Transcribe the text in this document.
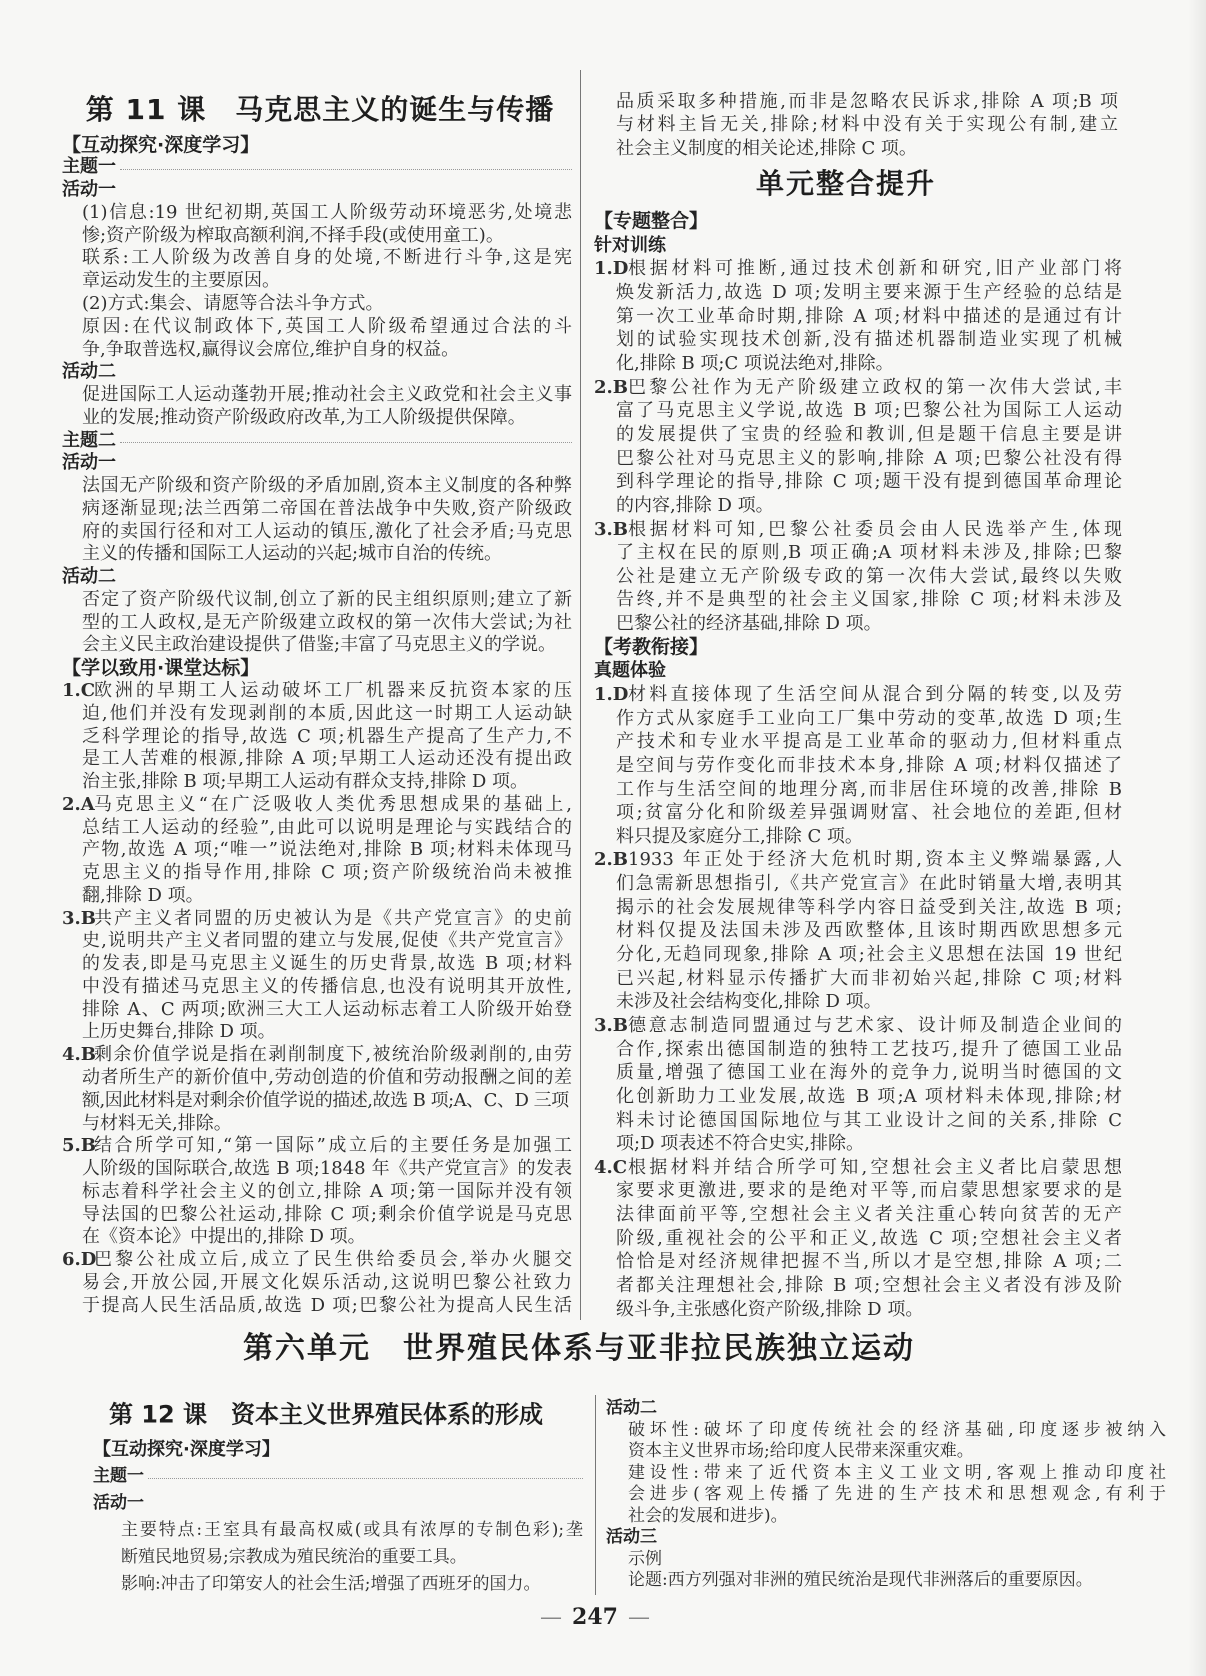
第 11 课　马克思主义的诞生与传播
【互动探究·深度学习】
主题一
活动一
(1)信息:19 世纪初期,英国工人阶级劳动环境恶劣,处境悲
惨;资产阶级为榨取高额利润,不择手段(或使用童工)。
联系:工人阶级为改善自身的处境,不断进行斗争,这是宪
章运动发生的主要原因。
(2)方式:集会、请愿等合法斗争方式。
原因:在代议制政体下,英国工人阶级希望通过合法的斗
争,争取普选权,赢得议会席位,维护自身的权益。
活动二
促进国际工人运动蓬勃开展;推动社会主义政党和社会主义事
业的发展;推动资产阶级政府改革,为工人阶级提供保障。
主题二
活动一
法国无产阶级和资产阶级的矛盾加剧,资本主义制度的各种弊
病逐渐显现;法兰西第二帝国在普法战争中失败,资产阶级政
府的卖国行径和对工人运动的镇压,激化了社会矛盾;马克思
主义的传播和国际工人运动的兴起;城市自治的传统。
活动二
否定了资产阶级代议制,创立了新的民主组织原则;建立了新
型的工人政权,是无产阶级建立政权的第一次伟大尝试;为社
会主义民主政治建设提供了借鉴;丰富了马克思主义的学说。
【学以致用·课堂达标】
1.C
欧洲的早期工人运动破坏工厂机器来反抗资本家的压
迫,他们并没有发现剥削的本质,因此这一时期工人运动缺
乏科学理论的指导,故选 C 项;机器生产提高了生产力,不
是工人苦难的根源,排除 A 项;早期工人运动还没有提出政
治主张,排除 B 项;早期工人运动有群众支持,排除 D 项。
2.A 马克思主义“在广泛吸收人类优秀思想成果的基础上,
总结工人运动的经验”,由此可以说明是理论与实践结合的
产物,故选 A 项;“唯一”说法绝对,排除 B 项;材料未体现马
克思主义的指导作用,排除 C 项;资产阶级统治尚未被推
翻,排除 D 项。
3.B
共产主义者同盟的历史被认为是《共产党宣言》的史前
史,说明共产主义者同盟的建立与发展,促使《共产党宣言》
的发表,即是马克思主义诞生的历史背景,故选 B 项;材料
中没有描述马克思主义的传播信息,也没有说明其开放性,
排除 A、C 两项;欧洲三大工人运动标志着工人阶级开始登
上历史舞台,排除 D 项。
4.B
剩余价值学说是指在剥削制度下,被统治阶级剥削的,由劳
动者所生产的新价值中,劳动创造的价值和劳动报酬之间的差
额,因此材料是对剩余价值学说的描述,故选 B 项;A、C、D 三项
与材料无关,排除。
5.B
结合所学可知,“第一国际”成立后的主要任务是加强工
人阶级的国际联合,故选 B 项;1848 年《共产党宣言》的发表
标志着科学社会主义的创立,排除 A 项;第一国际并没有领
导法国的巴黎公社运动,排除 C 项;剩余价值学说是马克思
在《资本论》中提出的,排除 D 项。
6.D
巴黎公社成立后,成立了民生供给委员会,举办火腿交
易会,开放公园,开展文化娱乐活动,这说明巴黎公社致力
于提高人民生活品质,故选 D 项;巴黎公社为提高人民生活
品质采取多种措施,而非是忽略农民诉求,排除 A 项;B 项
与材料主旨无关,排除;材料中没有关于实现公有制,建立
社会主义制度的相关论述,排除 C 项。
单元整合提升
【专题整合】
针对训练
1.D 根据材料可推断,通过技术创新和研究,旧产业部门将
焕发新活力,故选 D 项;发明主要来源于生产经验的总结是
第一次工业革命时期,排除 A 项;材料中描述的是通过有计
划的试验实现技术创新,没有描述机器制造业实现了机械
化,排除 B 项;C 项说法绝对,排除。
2.B 巴黎公社作为无产阶级建立政权的第一次伟大尝试,丰
富了马克思主义学说,故选 B 项;巴黎公社为国际工人运动
的发展提供了宝贵的经验和教训,但是题干信息主要是讲
巴黎公社对马克思主义的影响,排除 A 项;巴黎公社没有得
到科学理论的指导,排除 C 项;题干没有提到德国革命理论
的内容,排除 D 项。
3.B 根据材料可知,巴黎公社委员会由人民选举产生,体现
了主权在民的原则,B 项正确;A 项材料未涉及,排除;巴黎
公社是建立无产阶级专政的第一次伟大尝试,最终以失败
告终,并不是典型的社会主义国家,排除 C 项;材料未涉及
巴黎公社的经济基础,排除 D 项。
【考教衔接】
真题体验
1.D 材料直接体现了生活空间从混合到分隔的转变,以及劳
作方式从家庭手工业向工厂集中劳动的变革,故选 D 项;生
产技术和专业水平提高是工业革命的驱动力,但材料重点
是空间与劳作变化而非技术本身,排除 A 项;材料仅描述了
工作与生活空间的地理分离,而非居住环境的改善,排除 B
项;贫富分化和阶级差异强调财富、社会地位的差距,但材
料只提及家庭分工,排除 C 项。
2.B 1933 年正处于经济大危机时期,资本主义弊端暴露,人
们急需新思想指引,《共产党宣言》在此时销量大增,表明其
揭示的社会发展规律等科学内容日益受到关注,故选 B 项;
材料仅提及法国未涉及西欧整体,且该时期西欧思想多元
分化,无趋同现象,排除 A 项;社会主义思想在法国 19 世纪
已兴起,材料显示传播扩大而非初始兴起,排除 C 项;材料
未涉及社会结构变化,排除 D 项。
3.B 德意志制造同盟通过与艺术家、设计师及制造企业间的
合作,探索出德国制造的独特工艺技巧,提升了德国工业品
质量,增强了德国工业在海外的竞争力,说明当时德国的文
化创新助力工业发展,故选 B 项;A 项材料未体现,排除;材
料未讨论德国国际地位与其工业设计之间的关系,排除 C
项;D 项表述不符合史实,排除。
4.C 根据材料并结合所学可知,空想社会主义者比启蒙思想
家要求更激进,要求的是绝对平等,而启蒙思想家要求的是
法律面前平等,空想社会主义者关注重心转向贫苦的无产
阶级,重视社会的公平和正义,故选 C 项;空想社会主义者
恰恰是对经济规律把握不当,所以才是空想,排除 A 项;二
者都关注理想社会,排除 B 项;空想社会主义者没有涉及阶
级斗争,主张感化资产阶级,排除 D 项。
第六单元　世界殖民体系与亚非拉民族独立运动
第 12 课　资本主义世界殖民体系的形成
【互动探究·深度学习】
主题一
活动一
主要特点:王室具有最高权威(或具有浓厚的专制色彩);垄
断殖民地贸易;宗教成为殖民统治的重要工具。
影响:冲击了印第安人的社会生活;增强了西班牙的国力。
活动二
破坏性:破坏了印度传统社会的经济基础,印度逐步被纳入
资本主义世界市场;给印度人民带来深重灾难。
建设性:带来了近代资本主义工业文明,客观上推动印度社
会进步(客观上传播了先进的生产技术和思想观念,有利于
社会的发展和进步)。
活动三
示例
论题:西方列强对非洲的殖民统治是现代非洲落后的重要原因。
— 247 —
